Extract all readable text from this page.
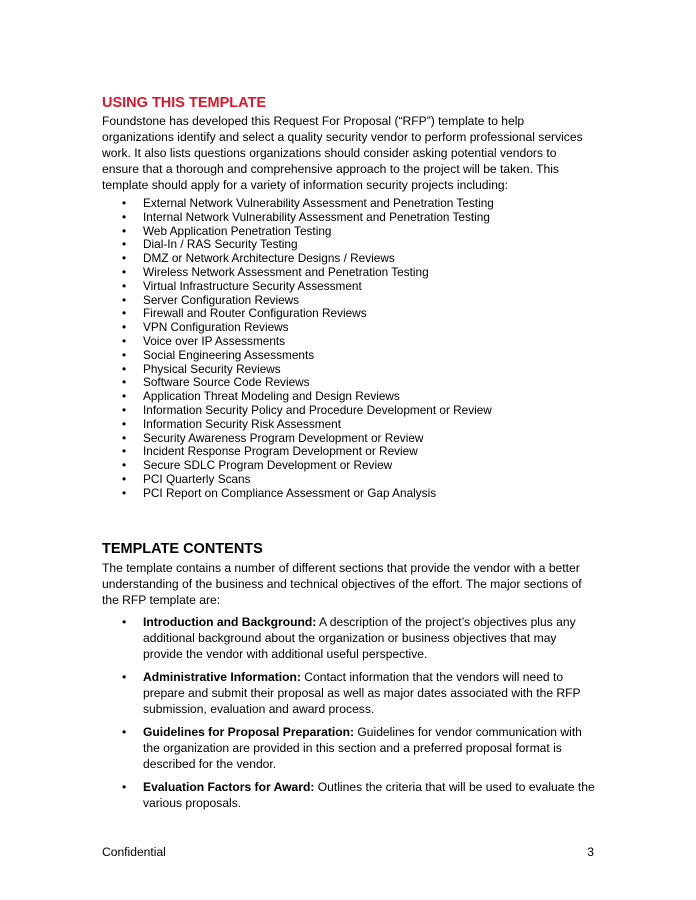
USING THIS TEMPLATE

Foundstone has developed this Request For Proposal (“RFP”) template to help organizations identify and select a quality security vendor to perform professional services work. It also lists questions organizations should consider asking potential vendors to ensure that a thorough and comprehensive approach to the project will be taken. This template should apply for a variety of information security projects including:

• External Network Vulnerability Assessment and Penetration Testing
• Internal Network Vulnerability Assessment and Penetration Testing
• Web Application Penetration Testing
• Dial-In / RAS Security Testing
• DMZ or Network Architecture Designs / Reviews
• Wireless Network Assessment and Penetration Testing
• Virtual Infrastructure Security Assessment
• Server Configuration Reviews
• Firewall and Router Configuration Reviews
• VPN Configuration Reviews
• Voice over IP Assessments
• Social Engineering Assessments
• Physical Security Reviews
• Software Source Code Reviews
• Application Threat Modeling and Design Reviews
• Information Security Policy and Procedure Development or Review
• Information Security Risk Assessment
• Security Awareness Program Development or Review
• Incident Response Program Development or Review
• Secure SDLC Program Development or Review
• PCI Quarterly Scans
• PCI Report on Compliance Assessment or Gap Analysis
TEMPLATE CONTENTS

The template contains a number of different sections that provide the vendor with a better understanding of the business and technical objectives of the effort. The major sections of the RFP template are:

• Introduction and Background: A description of the project’s objectives plus any additional background about the organization or business objectives that may provide the vendor with additional useful perspective.
• Administrative Information: Contact information that the vendors will need to prepare and submit their proposal as well as major dates associated with the RFP submission, evaluation and award process.
• Guidelines for Proposal Preparation: Guidelines for vendor communication with the organization are provided in this section and a preferred proposal format is described for the vendor.
• Evaluation Factors for Award: Outlines the criteria that will be used to evaluate the various proposals.
Confidential	3
